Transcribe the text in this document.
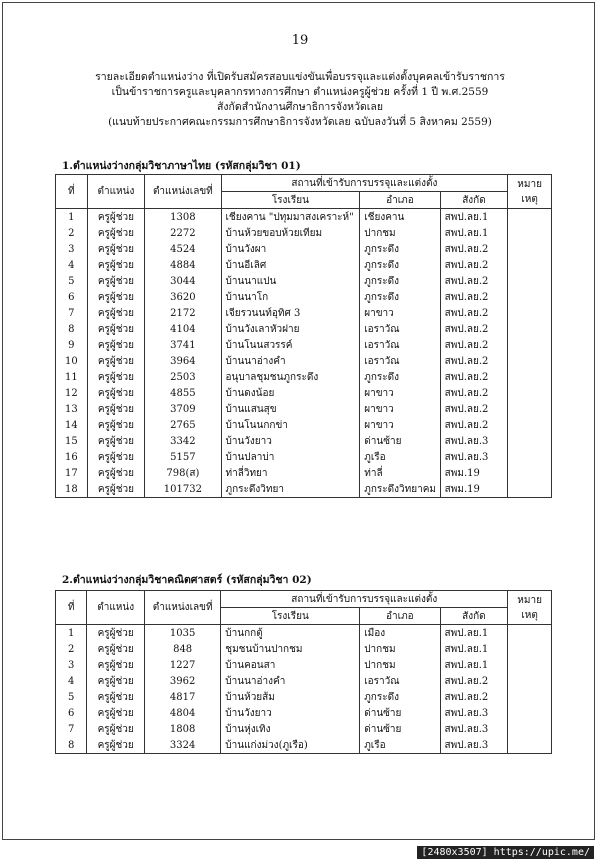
19
รายละเอียดตำแหน่งว่าง ที่เปิดรับสมัครสอบแข่งขันเพื่อบรรจุและแต่งตั้งบุคคลเข้ารับราชการ
เป็นข้าราชการครูและบุคลากรทางการศึกษา ตำแหน่งครูผู้ช่วย ครั้งที่ 1 ปี พ.ศ.2559
สังกัดสำนักงานศึกษาธิการจังหวัดเลย
(แนบท้ายประกาศคณะกรรมการศึกษาธิการจังหวัดเลย ฉบับลงวันที่ 5 สิงหาคม 2559)
1.ตำแหน่งว่างกลุ่มวิชาภาษาไทย (รหัสกลุ่มวิชา 01)
ที่	ตำแหน่ง	ตำแหน่งเลขที่	สถานที่เข้ารับการบรรจุและแต่งตั้ง			หมาย
เหตุ
			โรงเรียน	อำเภอ	สังกัด	
1	ครูผู้ช่วย	1308	เชียงคาน "ปทุมมาสงเคราะห์"	เชียงคาน	สพป.ลย.1	
2	ครูผู้ช่วย	2272	บ้านห้วยขอบห้วยเทียม	ปากชม	สพป.ลย.1	
3	ครูผู้ช่วย	4524	บ้านวังผา	ภูกระดึง	สพป.ลย.2	
4	ครูผู้ช่วย	4884	บ้านอีเลิศ	ภูกระดึง	สพป.ลย.2	
5	ครูผู้ช่วย	3044	บ้านนาแปน	ภูกระดึง	สพป.ลย.2	
6	ครูผู้ช่วย	3620	บ้านนาโก	ภูกระดึง	สพป.ลย.2	
7	ครูผู้ช่วย	2172	เจียรวนนท์อุทิศ 3	ผาขาว	สพป.ลย.2	
8	ครูผู้ช่วย	4104	บ้านวังเลาหัวฝาย	เอราวัณ	สพป.ลย.2	
9	ครูผู้ช่วย	3741	บ้านโนนสวรรค์	เอราวัณ	สพป.ลย.2	
10	ครูผู้ช่วย	3964	บ้านนาอ่างคำ	เอราวัณ	สพป.ลย.2	
11	ครูผู้ช่วย	2503	อนุบาลชุมชนภูกระดึง	ภูกระดึง	สพป.ลย.2	
12	ครูผู้ช่วย	4855	บ้านดงน้อย	ผาขาว	สพป.ลย.2	
13	ครูผู้ช่วย	3709	บ้านแสนสุข	ผาขาว	สพป.ลย.2	
14	ครูผู้ช่วย	2765	บ้านโนนกกข่า	ผาขาว	สพป.ลย.2	
15	ครูผู้ช่วย	3342	บ้านวังยาว	ด่านซ้าย	สพป.ลย.3	
16	ครูผู้ช่วย	5157	บ้านปลาบ่า	ภูเรือ	สพป.ลย.3	
17	ครูผู้ช่วย	798(ส)	ท่าลี่วิทยา	ท่าลี่	สพม.19	
18	ครูผู้ช่วย	101732	ภูกระดึงวิทยา	ภูกระดึงวิทยาคม	สพม.19	
2.ตำแหน่งว่างกลุ่มวิชาคณิตศาสตร์ (รหัสกลุ่มวิชา 02)
ที่	ตำแหน่ง	ตำแหน่งเลขที่	สถานที่เข้ารับการบรรจุและแต่งตั้ง			หมาย
เหตุ
			โรงเรียน	อำเภอ	สังกัด	
1	ครูผู้ช่วย	1035	บ้านกกตู้	เมือง	สพป.ลย.1	
2	ครูผู้ช่วย	848	ชุมชนบ้านปากชม	ปากชม	สพป.ลย.1	
3	ครูผู้ช่วย	1227	บ้านคอนสา	ปากชม	สพป.ลย.1	
4	ครูผู้ช่วย	3962	บ้านนาอ่างคำ	เอราวัณ	สพป.ลย.2	
5	ครูผู้ช่วย	4817	บ้านห้วยส้ม	ภูกระดึง	สพป.ลย.2	
6	ครูผู้ช่วย	4804	บ้านวังยาว	ด่านซ้าย	สพป.ลย.3	
7	ครูผู้ช่วย	1808	บ้านหุ่งเทิง	ด่านซ้าย	สพป.ลย.3	
8	ครูผู้ช่วย	3324	บ้านแก่งม่วง(ภูเรือ)	ภูเรือ	สพป.ลย.3	
[2480x3507] https://upic.me/
